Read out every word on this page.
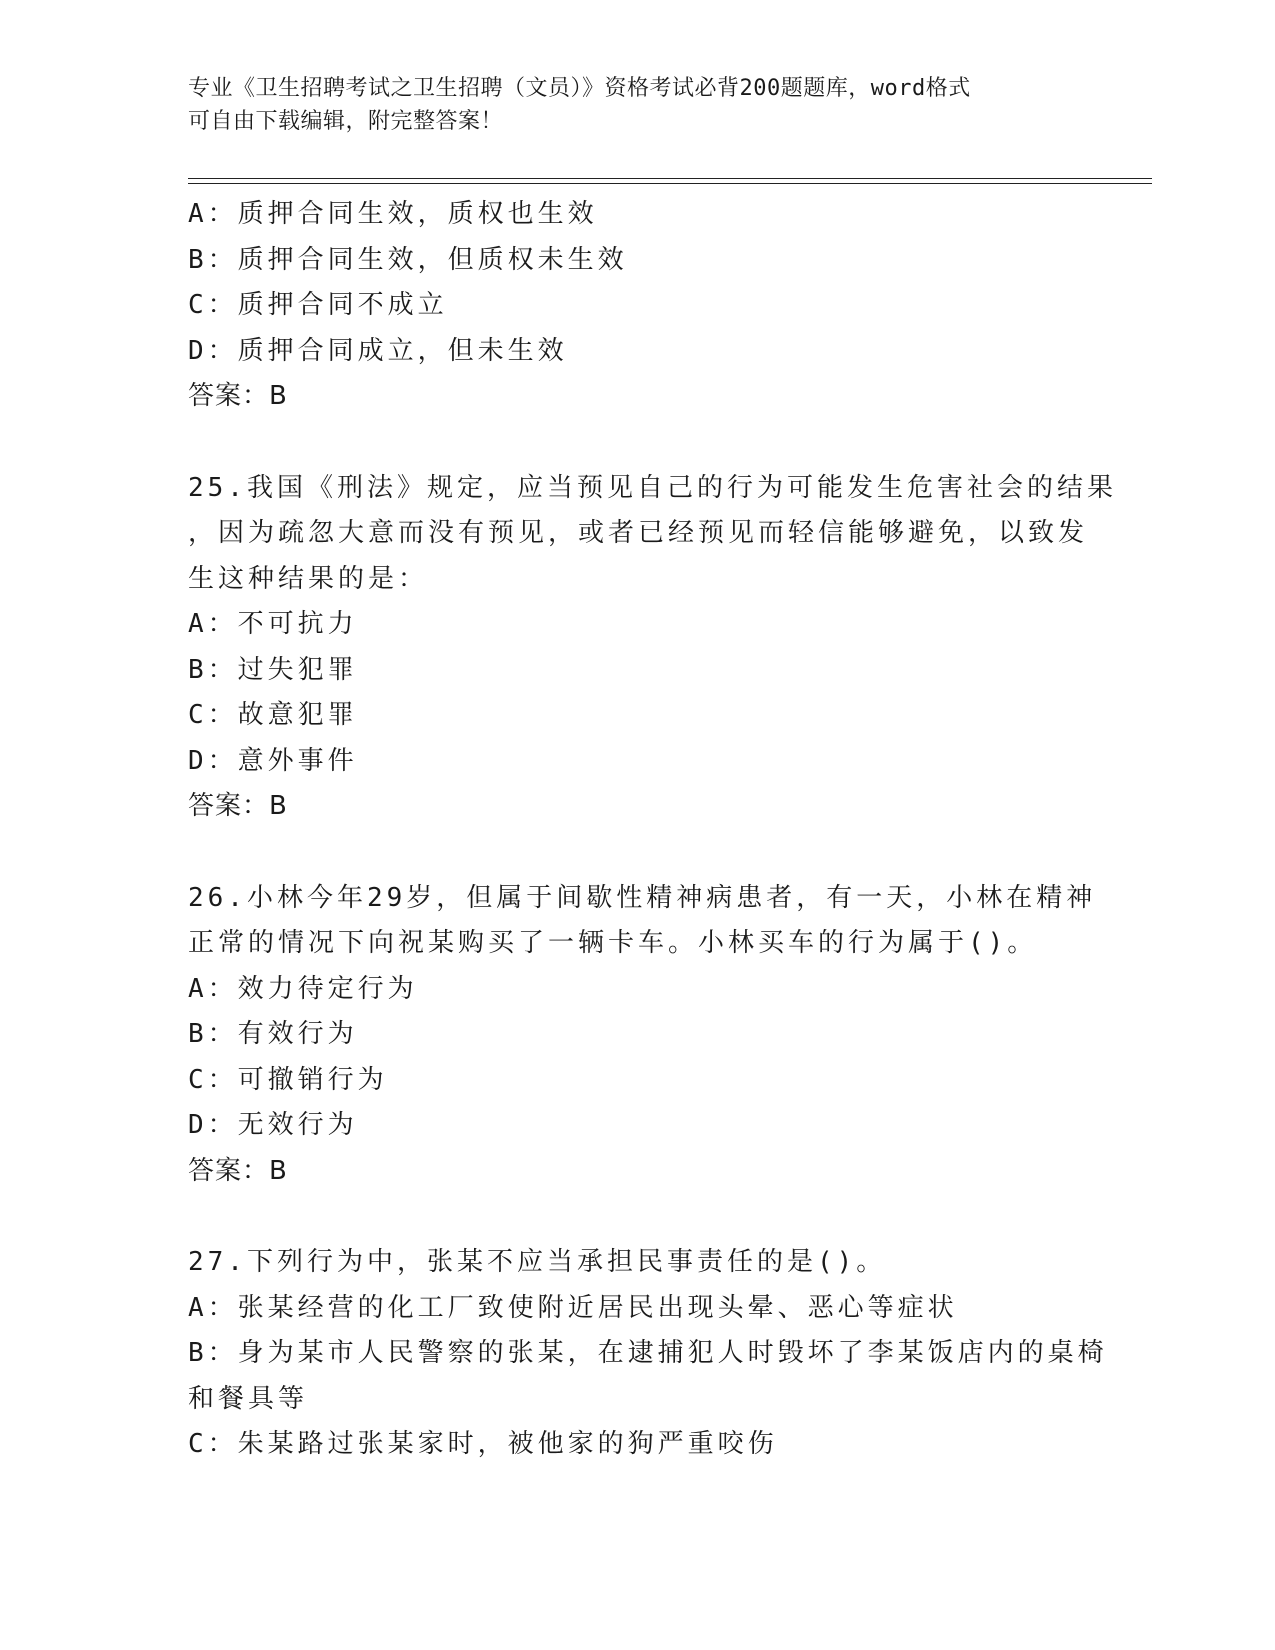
专业《卫生招聘考试之卫生招聘（文员）》资格考试必背200题题库，word格式
可自由下载编辑，附完整答案！
A：质押合同生效，质权也生效
B：质押合同生效，但质权未生效
C：质押合同不成立
D：质押合同成立，但未生效
答案：B
25.我国《刑法》规定，应当预见自己的行为可能发生危害社会的结果
，因为疏忽大意而没有预见，或者已经预见而轻信能够避免，以致发
生这种结果的是：
A：不可抗力
B：过失犯罪
C：故意犯罪
D：意外事件
答案：B
26.小林今年29岁，但属于间歇性精神病患者，有一天，小林在精神
正常的情况下向祝某购买了一辆卡车。小林买车的行为属于()。
A：效力待定行为
B：有效行为
C：可撤销行为
D：无效行为
答案：B
27.下列行为中，张某不应当承担民事责任的是()。
A：张某经营的化工厂致使附近居民出现头晕、恶心等症状
B：身为某市人民警察的张某，在逮捕犯人时毁坏了李某饭店内的桌椅
和餐具等
C：朱某路过张某家时，被他家的狗严重咬伤
